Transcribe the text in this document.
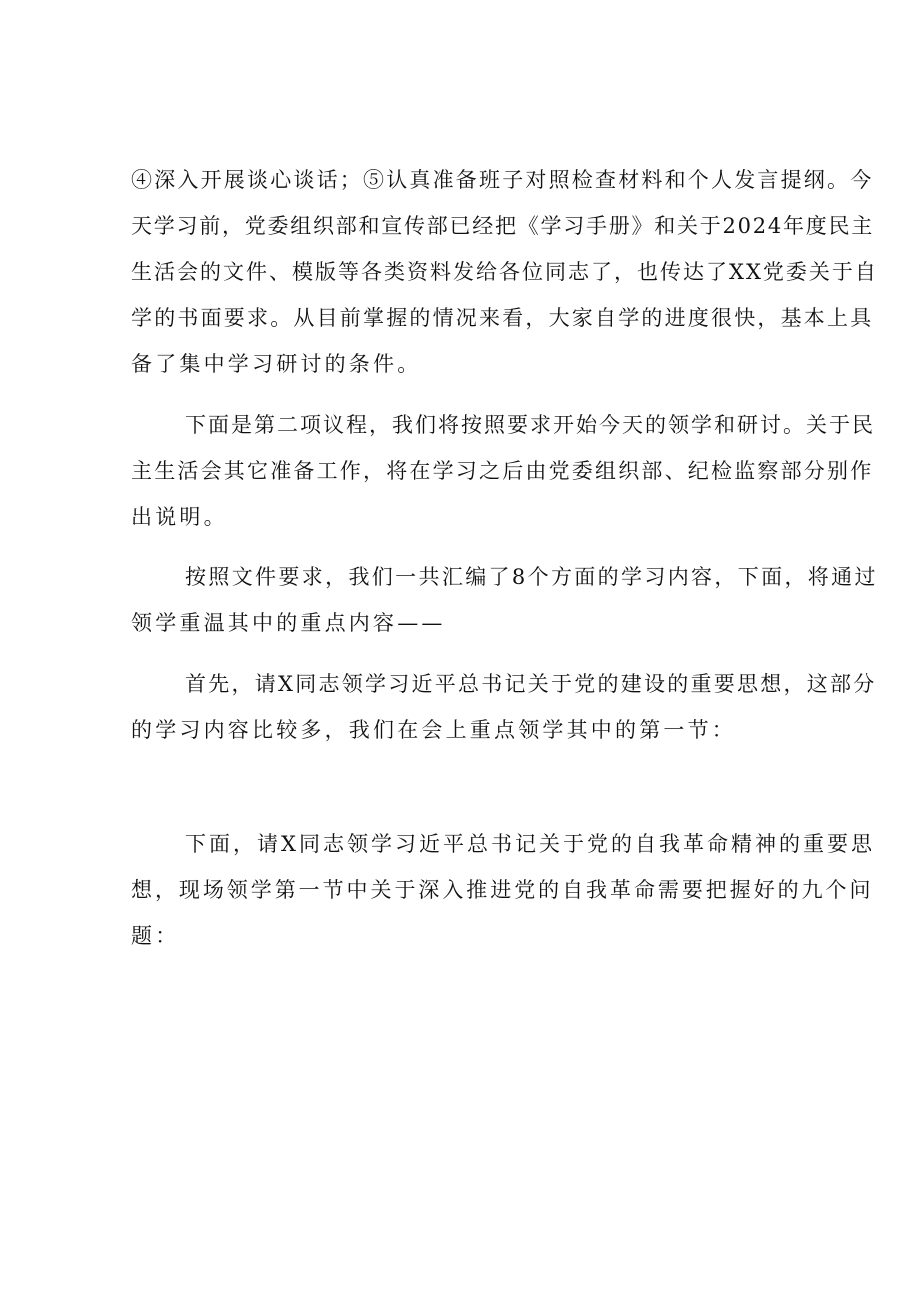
④深入开展谈心谈话；⑤认真准备班子对照检查材料和个人发言提纲。今
天学习前，党委组织部和宣传部已经把《学习手册》和关于2024年度民主
生活会的文件、模版等各类资料发给各位同志了，也传达了XX党委关于自
学的书面要求。从目前掌握的情况来看，大家自学的进度很快，基本上具
备了集中学习研讨的条件。
下面是第二项议程，我们将按照要求开始今天的领学和研讨。关于民
主生活会其它准备工作，将在学习之后由党委组织部、纪检监察部分别作
出说明。
按照文件要求，我们一共汇编了8个方面的学习内容，下面，将通过
领学重温其中的重点内容——
首先，请X同志领学习近平总书记关于党的建设的重要思想，这部分
的学习内容比较多，我们在会上重点领学其中的第一节：
下面，请X同志领学习近平总书记关于党的自我革命精神的重要思
想，现场领学第一节中关于深入推进党的自我革命需要把握好的九个问
题：
